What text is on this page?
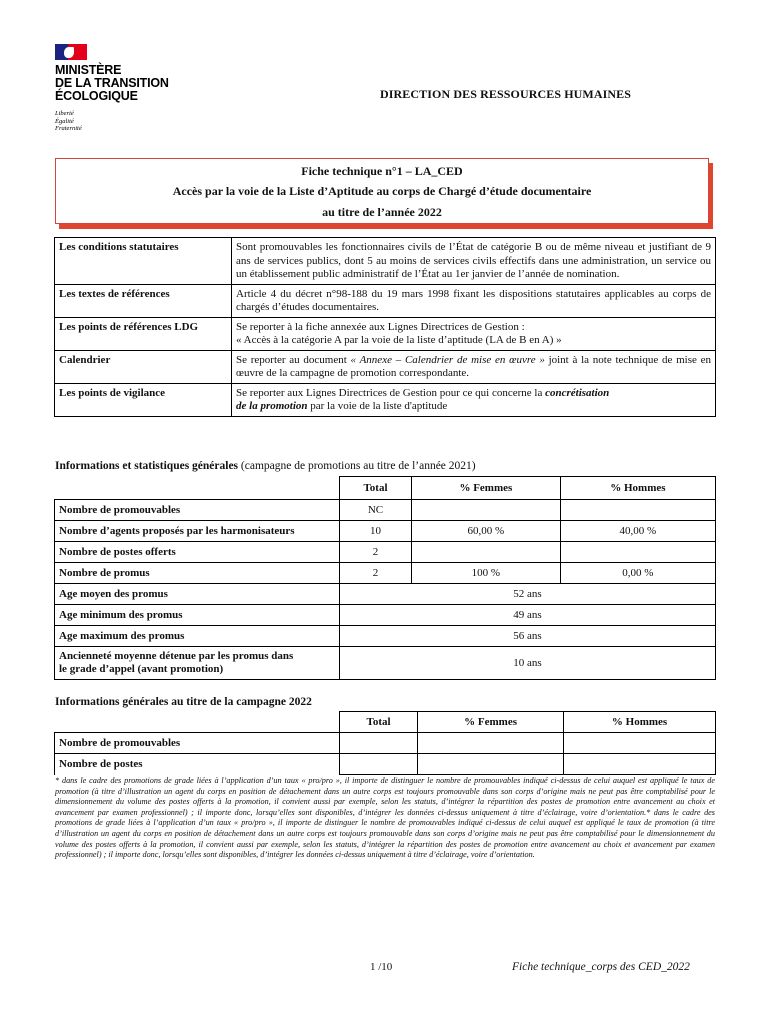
MINISTÈRE
DE LA TRANSITION
ÉCOLOGIQUE
Liberté
Égalité
Fraternité
DIRECTION DES RESSOURCES HUMAINES
Fiche technique n°1 – LA_CED
Accès par la voie de la Liste d’Aptitude au corps de Chargé d’étude documentaire
au titre de l’année 2022
Les conditions statutaires	Sont promouvables les fonctionnaires civils de l’État de catégorie B ou de même niveau et justifiant de 9 ans de services publics, dont 5 au moins de services civils effectifs dans une administration, un service ou un établissement public administratif de l’État au 1er janvier de l’année de nomination.
Les textes de références	Article 4 du décret n°98-188 du 19 mars 1998 fixant les dispositions statutaires applicables au corps de chargés d’études documentaires.
Les points de références LDG	Se reporter à la fiche annexée aux Lignes Directrices de Gestion :
« Accès à la catégorie A par la voie de la liste d’aptitude (LA de B en A) »

Calendrier	Se reporter au document « Annexe – Calendrier de mise en œuvre » joint à la note technique de mise en œuvre de la campagne de promotion correspondante.
Les points de vigilance	Se reporter aux Lignes Directrices de Gestion pour ce qui concerne la concrétisation
de la promotion par la voie de la liste d'aptitude
Informations et statistiques générales (campagne de promotions au titre de l’année 2021)
	Total	% Femmes	% Hommes
Nombre de promouvables	NC		
Nombre d’agents proposés par les harmonisateurs	10	60,00 %	40,00 %
Nombre de postes offerts	2		
Nombre de promus	2	100 %	0,00 %
Age moyen des promus	52 ans		
Age minimum des promus	49 ans		
Age maximum des promus	56 ans		

Ancienneté moyenne détenue par les promus dans
le grade d’appel (avant promotion)	10 ans		
Informations générales au titre de la campagne 2022
	Total	% Femmes	% Hommes
Nombre de promouvables			
Nombre de postes			
* dans le cadre des promotions de grade liées à l’application d’un taux « pro/pro », il importe de distinguer le nombre de promouvables indiqué ci-dessus de celui auquel est appliqué le taux de promotion (à titre d’illustration un agent du corps en position de détachement dans un autre corps est toujours promouvable dans son corps d’origine mais ne peut pas être comptabilisé pour le dimensionnement du volume des postes offerts à la promotion, il convient aussi par exemple, selon les statuts, d’intégrer la répartition des postes de promotion entre avancement au choix et avancement par examen professionnel) ; il importe donc, lorsqu’elles sont disponibles, d’intégrer les données ci-dessus uniquement à titre d’éclairage, voire d’orientation.* dans le cadre des promotions de grade liées à l’application d’un taux « pro/pro », il importe de distinguer le nombre de promouvables indiqué ci-dessus de celui auquel est appliqué le taux de promotion (à titre d’illustration un agent du corps en position de détachement dans un autre corps est toujours promouvable dans son corps d’origine mais ne peut pas être comptabilisé pour le dimensionnement du volume des postes offerts à la promotion, il convient aussi par exemple, selon les statuts, d’intégrer la répartition des postes de promotion entre avancement au choix et avancement par examen professionnel) ; il importe donc, lorsqu’elles sont disponibles, d’intégrer les données ci-dessus uniquement à titre d’éclairage, voire d’orientation.
1 /10	Fiche technique_corps des CED_2022
